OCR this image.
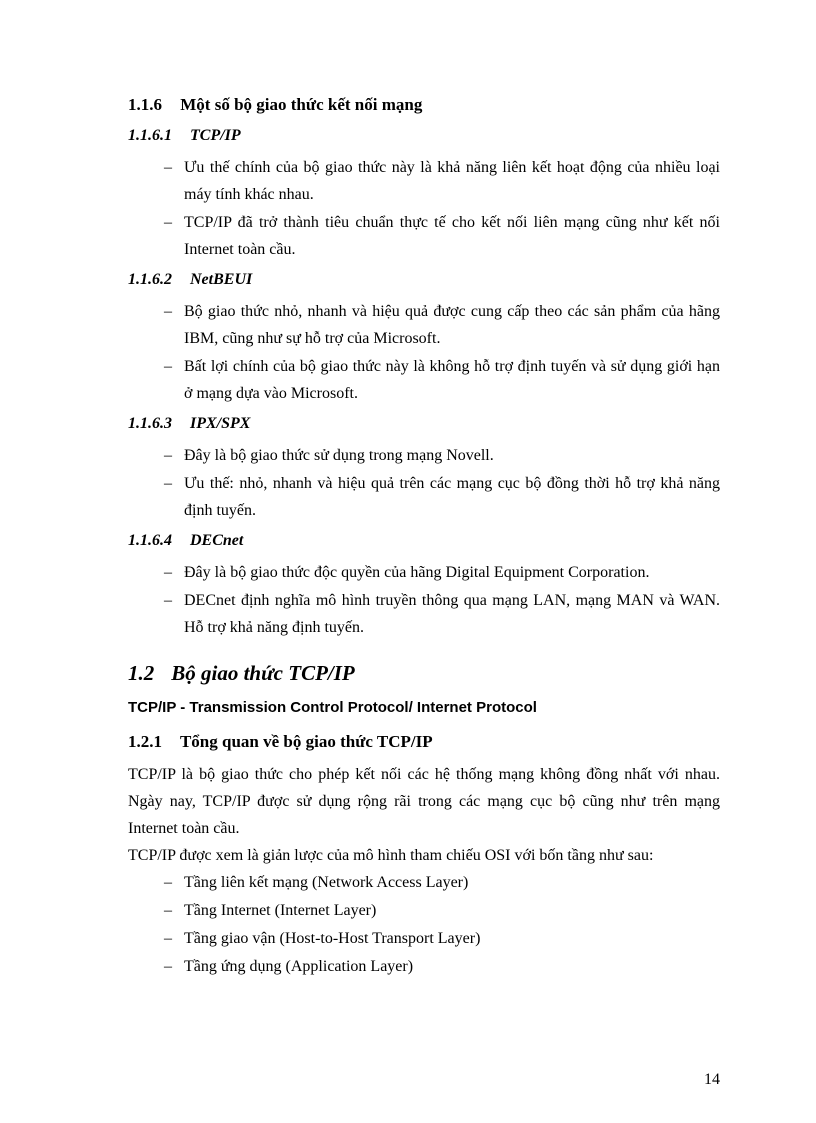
1.1.6 Một số bộ giao thức kết nối mạng
1.1.6.1 TCP/IP
– Ưu thế chính của bộ giao thức này là khả năng liên kết hoạt động của nhiều loại máy tính khác nhau.
– TCP/IP đã trở thành tiêu chuẩn thực tế cho kết nối liên mạng cũng như kết nối Internet toàn cầu.
1.1.6.2 NetBEUI
– Bộ giao thức nhỏ, nhanh và hiệu quả được cung cấp theo các sản phẩm của hãng IBM, cũng như sự hỗ trợ của Microsoft.
– Bất lợi chính của bộ giao thức này là không hỗ trợ định tuyến và sử dụng giới hạn ở mạng dựa vào Microsoft.
1.1.6.3 IPX/SPX
– Đây là bộ giao thức sử dụng trong mạng Novell.
– Ưu thế: nhỏ, nhanh và hiệu quả trên các mạng cục bộ đồng thời hỗ trợ khả năng định tuyến.
1.1.6.4 DECnet
– Đây là bộ giao thức độc quyền của hãng Digital Equipment Corporation.
– DECnet định nghĩa mô hình truyền thông qua mạng LAN, mạng MAN và WAN. Hỗ trợ khả năng định tuyến.
1.2 Bộ giao thức TCP/IP
TCP/IP - Transmission Control Protocol/ Internet Protocol
1.2.1 Tổng quan về bộ giao thức TCP/IP

TCP/IP là bộ giao thức cho phép kết nối các hệ thống mạng không đồng nhất với nhau. Ngày nay, TCP/IP được sử dụng rộng rãi trong các mạng cục bộ cũng như trên mạng Internet toàn cầu.

TCP/IP được xem là giản lược của mô hình tham chiếu OSI với bốn tầng như sau:

– Tầng liên kết mạng (Network Access Layer)
– Tầng Internet (Internet Layer)
– Tầng giao vận (Host-to-Host Transport Layer)
– Tầng ứng dụng (Application Layer)
14
